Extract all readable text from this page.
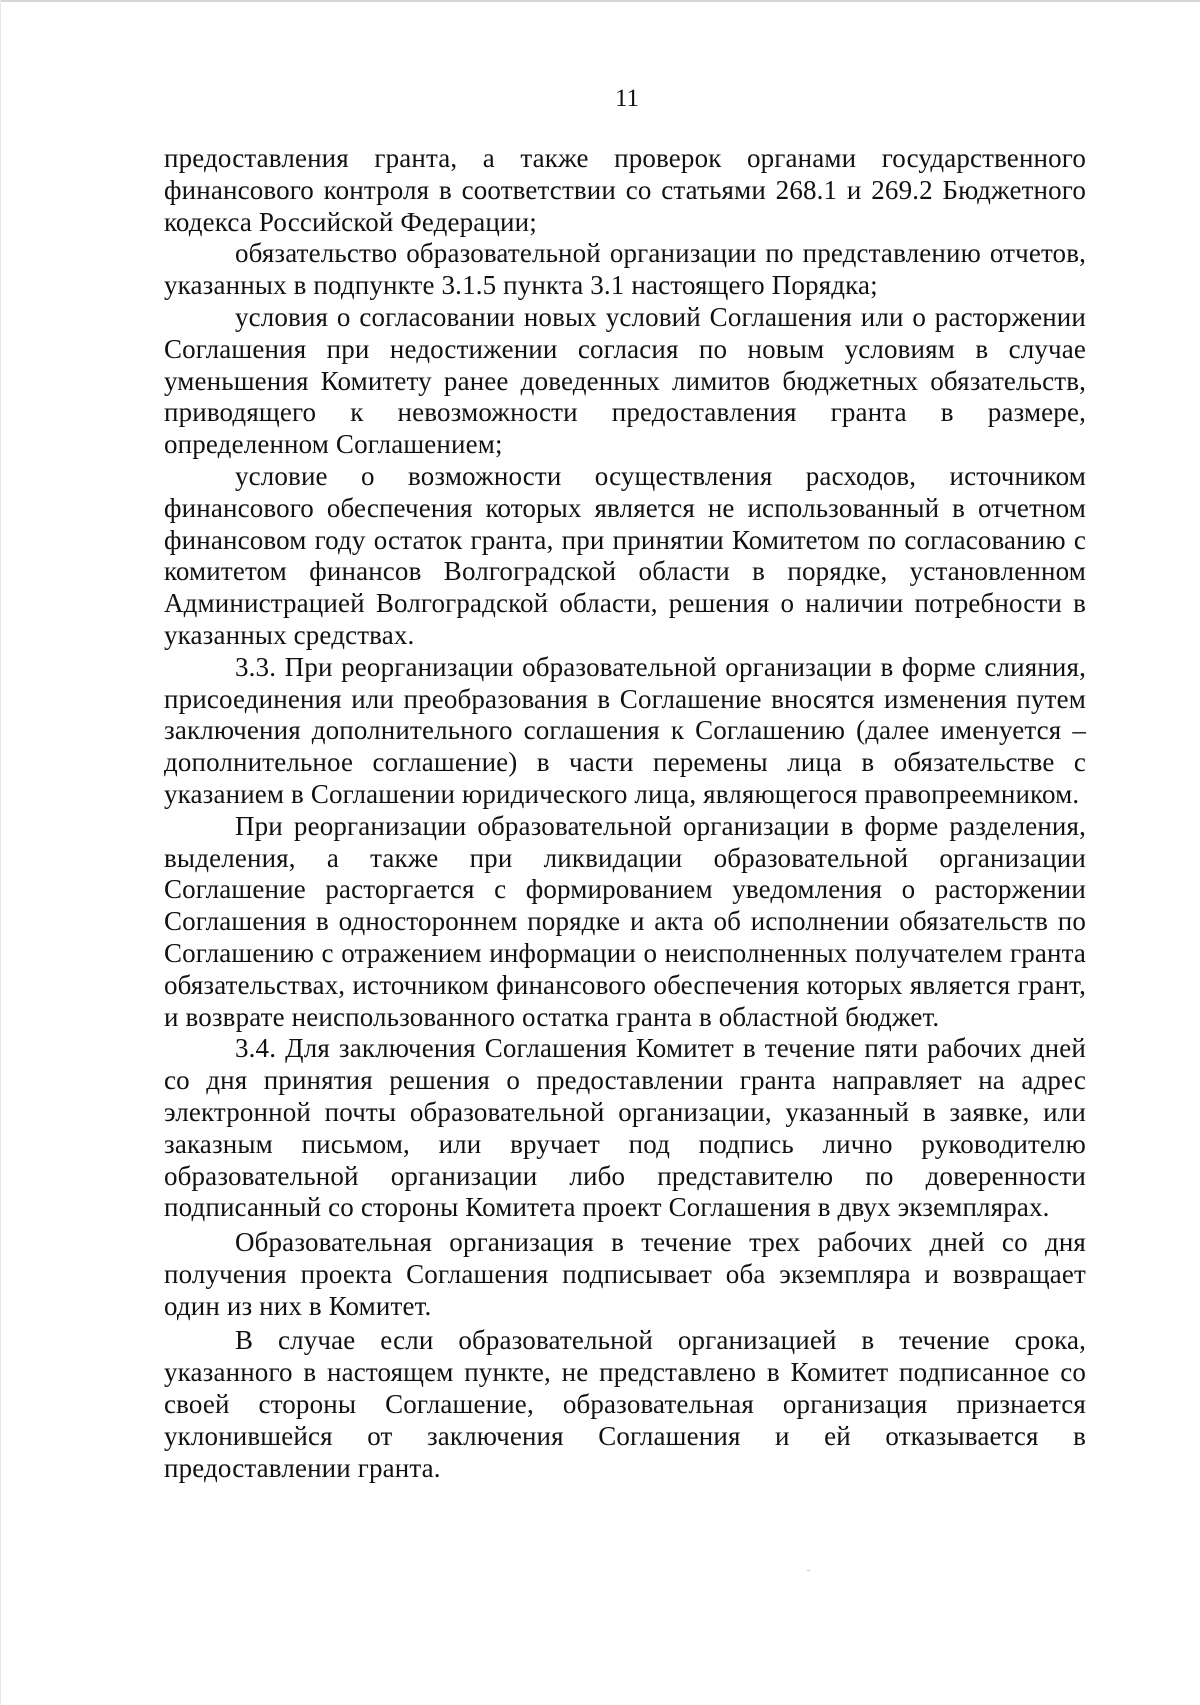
11

предоставления гранта, а также проверок органами государственного финансового контроля в соответствии со статьями 268.1 и 269.2 Бюджетного кодекса Российской Федерации;

обязательство образовательной организации по представлению отчетов, указанных в подпункте 3.1.5 пункта 3.1 настоящего Порядка;

условия о согласовании новых условий Соглашения или о расторжении Соглашения при недостижении согласия по новым условиям в случае уменьшения Комитету ранее доведенных лимитов бюджетных обязательств, приводящего к невозможности предоставления гранта в размере, определенном Соглашением;

условие о возможности осуществления расходов, источником финансового обеспечения которых является не использованный в отчетном финансовом году остаток гранта, при принятии Комитетом по согласованию с комитетом финансов Волгоградской области в порядке, установленном Администрацией Волгоградской области, решения о наличии потребности в указанных средствах.

3.3. При реорганизации образовательной организации в форме слияния, присоединения или преобразования в Соглашение вносятся изменения путем заключения дополнительного соглашения к Соглашению (далее именуется – дополнительное соглашение) в части перемены лица в обязательстве с указанием в Соглашении юридического лица, являющегося правопреемником.

При реорганизации образовательной организации в форме разделения, выделения, а также при ликвидации образовательной организации Соглашение расторгается с формированием уведомления о расторжении Соглашения в одностороннем порядке и акта об исполнении обязательств по Соглашению с отражением информации о неисполненных получателем гранта обязательствах, источником финансового обеспечения которых является грант, и возврате неиспользованного остатка гранта в областной бюджет.

3.4. Для заключения Соглашения Комитет в течение пяти рабочих дней со дня принятия решения о предоставлении гранта направляет на адрес электронной почты образовательной организации, указанный в заявке, или заказным письмом, или вручает под подпись лично руководителю образовательной организации либо представителю по доверенности подписанный со стороны Комитета проект Соглашения в двух экземплярах.

Образовательная организация в течение трех рабочих дней со дня получения проекта Соглашения подписывает оба экземпляра и возвращает один из них в Комитет.

В случае если образовательной организацией в течение срока, указанного в настоящем пункте, не представлено в Комитет подписанное со своей стороны Соглашение, образовательная организация признается уклонившейся от заключения Соглашения и ей отказывается в предоставлении гранта.
